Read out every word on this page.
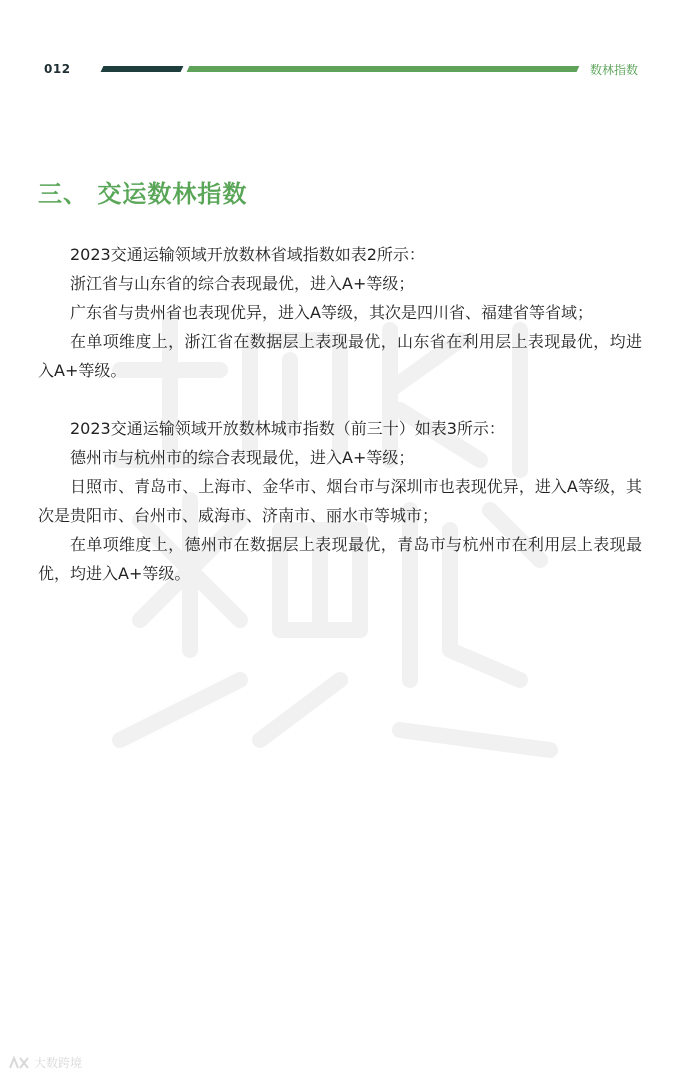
012	数林指数
三、 交运数林指数

2023交通运输领域开放数林省域指数如表2所示：

浙江省与山东省的综合表现最优，进入A+等级；

广东省与贵州省也表现优异，进入A等级，其次是四川省、福建省等省域；

在单项维度上，浙江省在数据层上表现最优，山东省在利用层上表现最优，均进入A+等级。

2023交通运输领域开放数林城市指数（前三十）如表3所示：

德州市与杭州市的综合表现最优，进入A+等级；

日照市、青岛市、上海市、金华市、烟台市与深圳市也表现优异，进入A等级，其次是贵阳市、台州市、威海市、济南市、丽水市等城市；

在单项维度上，德州市在数据层上表现最优，青岛市与杭州市在利用层上表现最优，均进入A+等级。

大数跨境
